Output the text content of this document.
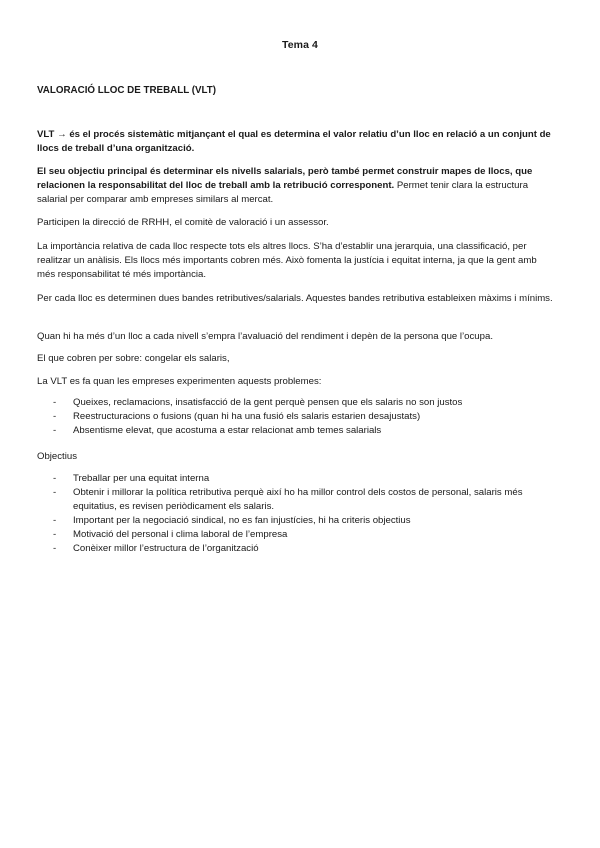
Tema 4
VALORACIÓ LLOC DE TREBALL (VLT)

VLT → és el procés sistemàtic mitjançant el qual es determina el valor relatiu d’un lloc en relació a un conjunt de llocs de treball d’una organització.

El seu objectiu principal és determinar els nivells salarials, però també permet construir mapes de llocs, que relacionen la responsabilitat del lloc de treball amb la retribució corresponent. Permet tenir clara la estructura salarial per comparar amb empreses similars al mercat.

Participen la direcció de RRHH, el comitè de valoració i un assessor.

La importància relativa de cada lloc respecte tots els altres llocs. S’ha d’establir una jerarquia, una classificació, per realitzar un anàlisis. Els llocs més importants cobren més. Això fomenta la justícia i equitat interna, ja que la gent amb més responsabilitat té més importància.

Per cada lloc es determinen dues bandes retributives/salarials. Aquestes bandes retributiva estableixen màxims i mínims.

Quan hi ha més d’un lloc a cada nivell s’empra l’avaluació del rendiment i depèn de la persona que l’ocupa.

El que cobren per sobre: congelar els salaris,

La VLT es fa quan les empreses experimenten aquests problemes:

- Queixes, reclamacions, insatisfacció de la gent perquè pensen que els salaris no son justos
- Reestructuracions o fusions (quan hi ha una fusió els salaris estarien desajustats)
- Absentisme elevat, que acostuma a estar relacionat amb temes salarials

Objectius

- Treballar per una equitat interna
- Obtenir i millorar la política retributiva perquè així ho ha millor control dels costos de personal, salaris més equitatius, es revisen periòdicament els salaris.
- Important per la negociació sindical, no es fan injustícies, hi ha criteris objectius
- Motivació del personal i clima laboral de l’empresa
- Conèixer millor l’estructura de l’organització
